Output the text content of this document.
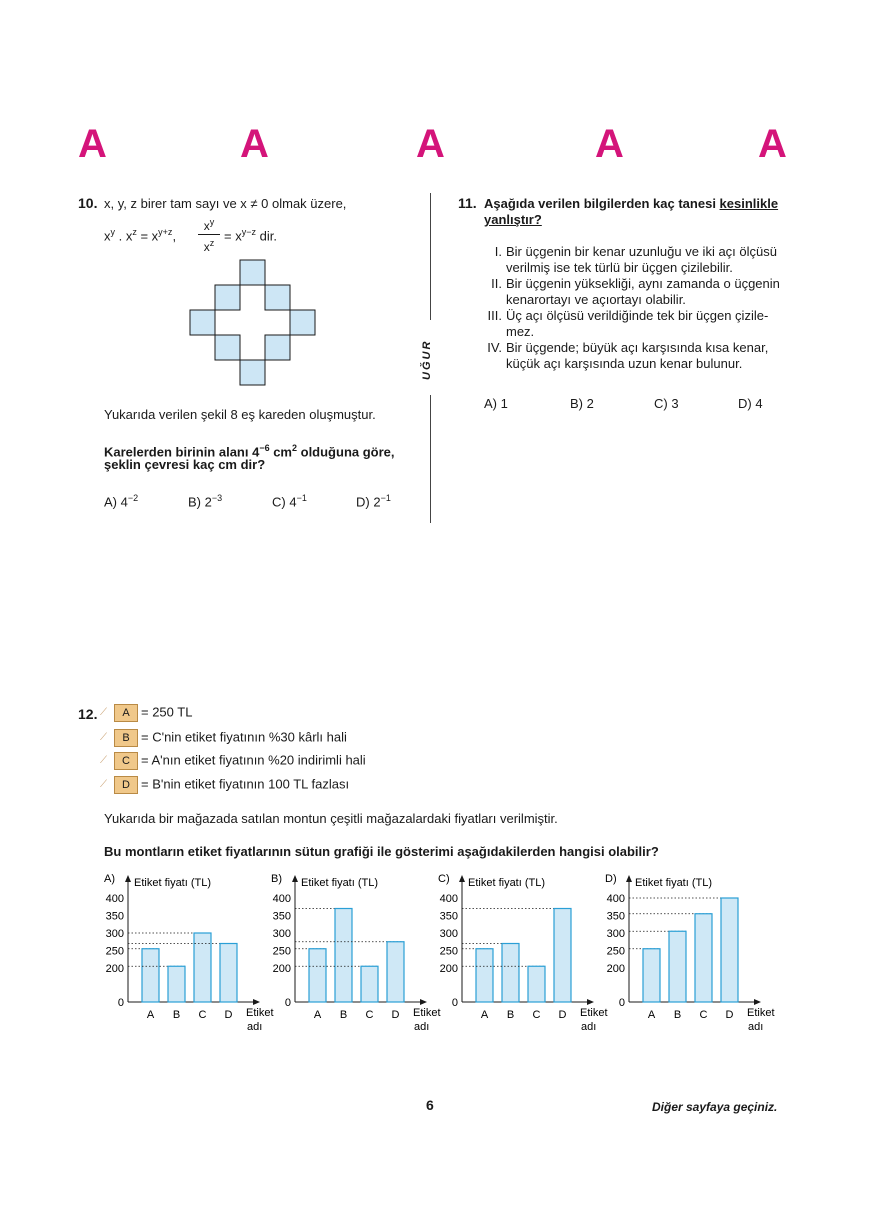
A	A	A	A	A
UĞUR
10. x, y, z birer tam sayı ve x ≠ 0 olmak üzere,
$x^y$ . $x^z = x^{y+z}$,
$x^y$
$x^z = x^{y-z}$ dir.
Yukarıda verilen şekil 8 eş kareden oluşmuştur.
Karelerden birinin alanı $4^{-6}$ $cm^2$ olduğuna göre,
şeklin çevresi kaç cm dir?
A) $4^{-2}$	B) $2^{-3}$	C) $4^{-1}$	D) $2^{-1}$
11. Aşağıda verilen bilgilerden kaç tanesi kesinlikle
yanlıştır?
I. Bir üçgenin bir kenar uzunluğu ve iki açı ölçüsü
verilmiş ise tek türlü bir üçgen çizilebilir.
II. Bir üçgenin yüksekliği, aynı zamanda o üçgenin
kenarortayı ve açıortayı olabilir.
III. Üç açı ölçüsü verildiğinde tek bir üçgen çizile-
mez.
IV. Bir üçgende; büyük açı karşısında kısa kenar,
küçük açı karşısında uzun kenar bulunur.
A) 1	B) 2	C) 3	D) 4
12. ⟋ A = 250 TL
⟋ B = C'nin etiket fiyatının %30 kârlı hali
⟋ C = A'nın etiket fiyatının %20 indirimli hali
⟋ D = B'nin etiket fiyatının 100 TL fazlası
Yukarıda bir mağazada satılan montun çeşitli mağazalardaki fiyatları verilmiştir.
Bu montların etiket fiyatlarının sütun grafiği ile gösterimi aşağıdakilerden hangisi olabilir?
A) Etiket fiyatı (TL)
Etiket
adı
0
200
250
300
350
400
A B C D
B) Etiket fiyatı (TL)
Etiket
adı
0
200
250
300
350
400
A B C D
C) Etiket fiyatı (TL)
Etiket
adı
0
200
250
300
350
400
A B C D
D) Etiket fiyatı (TL)
Etiket
adı
0
200
250
300
350
400
A B C D
6	Diğer sayfaya geçiniz.
